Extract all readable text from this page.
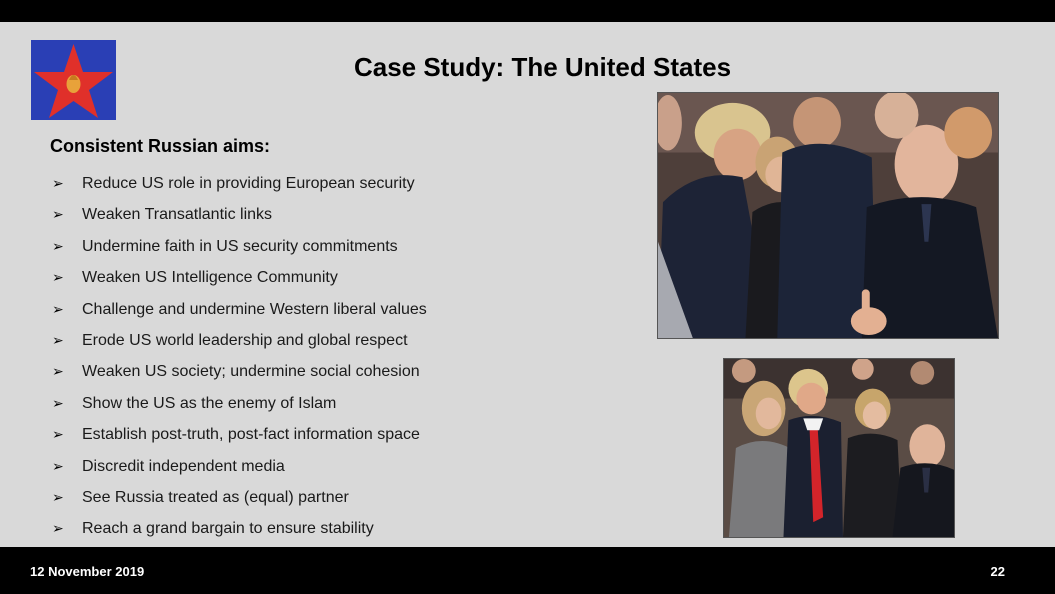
Case Study: The United States
Consistent Russian aims:
➢	Reduce US role in providing European security
➢	Weaken Transatlantic links
➢	Undermine faith in US security commitments
➢	Weaken US Intelligence Community
➢	Challenge and undermine Western liberal values
➢	Erode US world leadership and global respect
➢	Weaken US society; undermine social cohesion
➢	Show the US as the enemy of Islam
➢	Establish post-truth, post-fact information space
➢	Discredit independent media
➢	See Russia treated as (equal) partner
➢	Reach a grand bargain to ensure stability
12 November 2019	22
